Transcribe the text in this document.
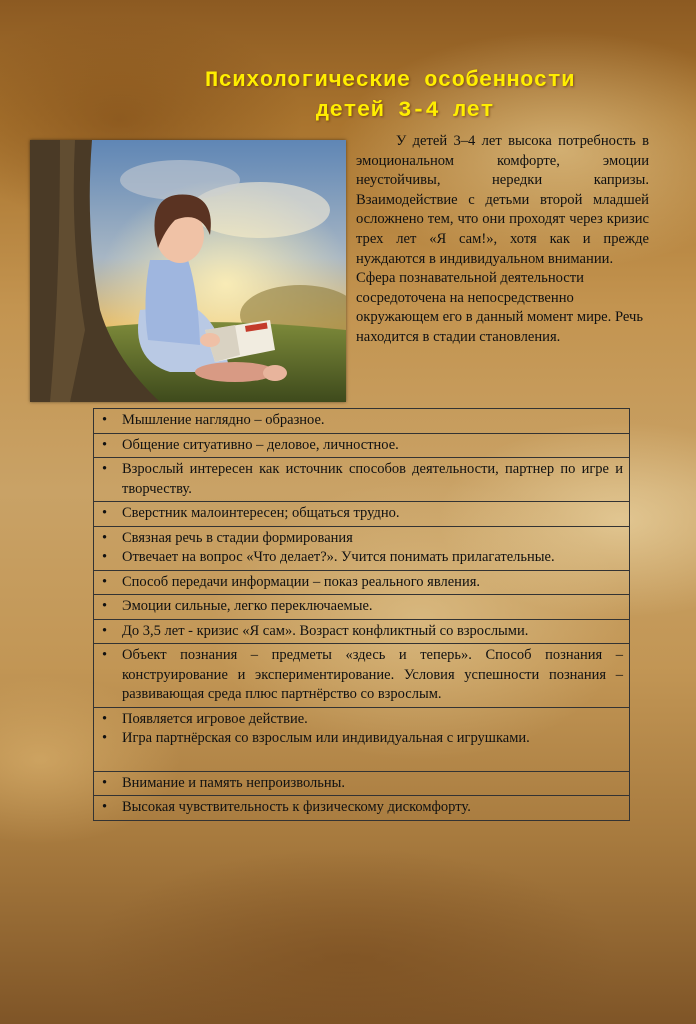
Психологические особенности
детей 3-4 лет

У детей 3–4 лет высока потребность в эмоциональном комфорте, эмоции неустойчивы, нередки капризы. Взаимодействие с детьми второй младшей осложнено тем, что они проходят через кризис трех лет «Я сам!», хотя как и прежде нуждаются в индивидуальном внимании.

Сфера познавательной деятельности сосредоточена на непосредственно окружающем его в данный момент мире. Речь находится в стадии становления.

• Мышление наглядно – образное.
• Общение ситуативно – деловое, личностное.
• Взрослый интересен как источник способов деятельности, партнер по игре и творчеству.
• Сверстник малоинтересен; общаться трудно.
• Связная речь в стадии формирования
• Отвечает на вопрос «Что делает?». Учится понимать прилагательные.
• Способ передачи информации – показ реального явления.
• Эмоции сильные, легко переключаемые.
• До 3,5 лет - кризис «Я сам». Возраст конфликтный со взрослыми.
• Объект познания – предметы «здесь и теперь». Способ познания – конструирование и экспериментирование. Условия успешности познания – развивающая среда плюс партнёрство со взрослым.
• Появляется игровое действие.
• Игра партнёрская со взрослым или индивидуальная с игрушками.
• Внимание и память непроизвольны.
• Высокая чувствительность к физическому дискомфорту.
